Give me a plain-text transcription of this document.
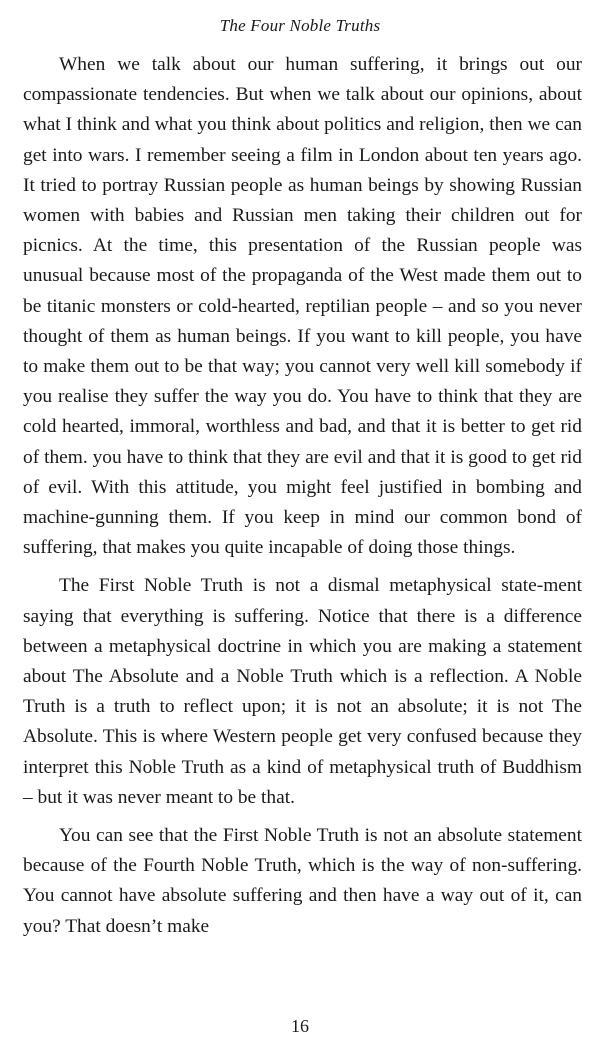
The Four Noble Truths

When we talk about our human suffering, it brings out our compassionate tendencies. But when we talk about our opinions, about what I think and what you think about politics and religion, then we can get into wars. I remember seeing a film in London about ten years ago. It tried to portray Russian people as human beings by showing Russian women with babies and Russian men taking their children out for picnics. At the time, this presentation of the Russian people was unusual because most of the propaganda of the West made them out to be titanic monsters or cold-hearted, reptilian people – and so you never thought of them as human beings. If you want to kill people, you have to make them out to be that way; you cannot very well kill somebody if you realise they suffer the way you do. You have to think that they are cold hearted, immoral, worthless and bad, and that it is better to get rid of them. you have to think that they are evil and that it is good to get rid of evil. With this attitude, you might feel justified in bombing and machine-gunning them. If you keep in mind our common bond of suffering, that makes you quite incapable of doing those things.

The First Noble Truth is not a dismal metaphysical state-ment saying that everything is suffering. Notice that there is a difference between a metaphysical doctrine in which you are making a statement about The Absolute and a Noble Truth which is a reflection. A Noble Truth is a truth to reflect upon; it is not an absolute; it is not The Absolute. This is where Western people get very confused because they interpret this Noble Truth as a kind of metaphysical truth of Buddhism – but it was never meant to be that.

You can see that the First Noble Truth is not an absolute statement because of the Fourth Noble Truth, which is the way of non-suffering. You cannot have absolute suffering and then have a way out of it, can you? That doesn’t make

16
